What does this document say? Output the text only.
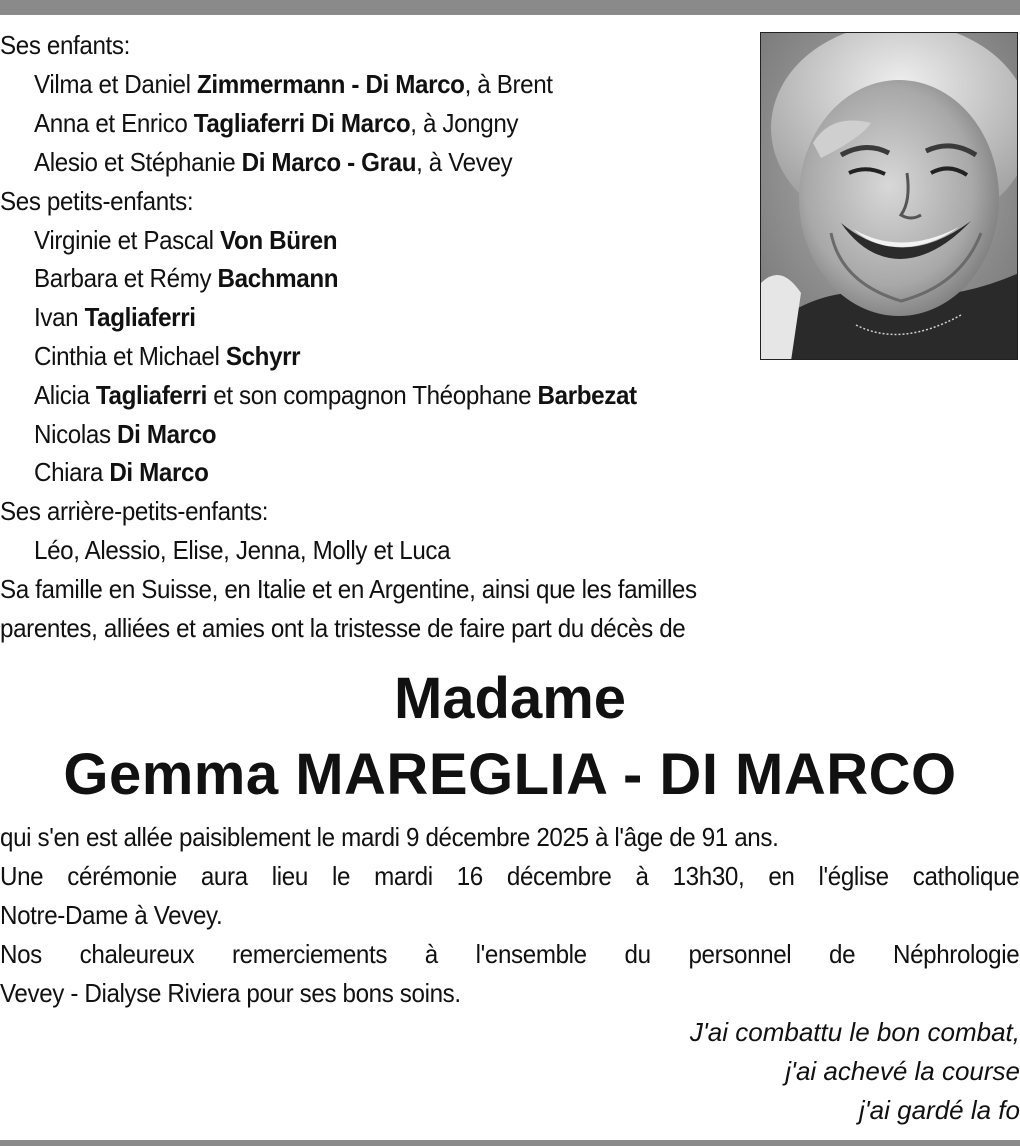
Ses enfants:
Vilma et Daniel Zimmermann - Di Marco, à Brent
Anna et Enrico Tagliaferri Di Marco, à Jongny
Alesio et Stéphanie Di Marco - Grau, à Vevey
Ses petits-enfants:
Virginie et Pascal Von Büren
Barbara et Rémy Bachmann
Ivan Tagliaferri
Cinthia et Michael Schyrr
Alicia Tagliaferri et son compagnon Théophane Barbezat
Nicolas Di Marco
Chiara Di Marco
Ses arrière-petits-enfants:
Léo, Alessio, Elise, Jenna, Molly et Luca
Sa famille en Suisse, en Italie et en Argentine, ainsi que les familles
parentes, alliées et amies ont la tristesse de faire part du décès de
Madame
Gemma MAREGLIA - DI MARCO
qui s'en est allée paisiblement le mardi 9 décembre 2025 à l'âge de 91 ans.
Une cérémonie aura lieu le mardi 16 décembre à 13h30, en l'église catholique
Notre-Dame à Vevey.
Nos chaleureux remerciements à l'ensemble du personnel de Néphrologie
Vevey - Dialyse Riviera pour ses bons soins.
J'ai combattu le bon combat,
j'ai achevé la course
j'ai gardé la fo
